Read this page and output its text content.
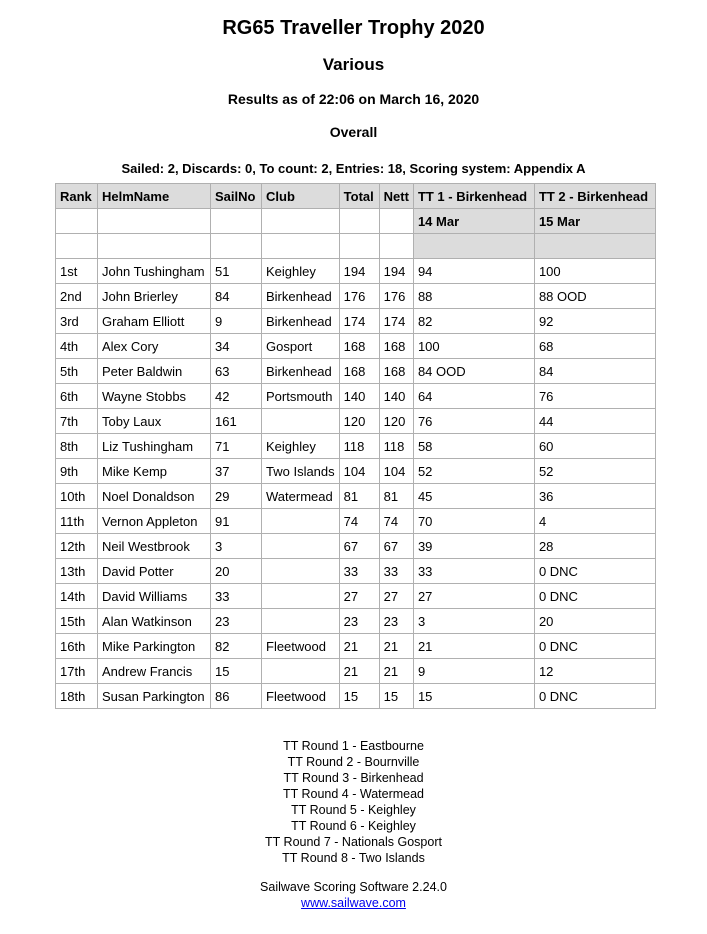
RG65 Traveller Trophy 2020
Various
Results as of 22:06 on March 16, 2020
Overall
Sailed: 2, Discards: 0, To count: 2, Entries: 18, Scoring system: Appendix A
Rank	HelmName	SailNo	Club	Total	Nett	TT 1 - Birkenhead	TT 2 - Birkenhead
						14 Mar	15 Mar

1st	John Tushingham	51	Keighley	194	194	94	100
2nd	John Brierley	84	Birkenhead	176	176	88	88 OOD
3rd	Graham Elliott	9	Birkenhead	174	174	82	92
4th	Alex Cory	34	Gosport	168	168	100	68
5th	Peter Baldwin	63	Birkenhead	168	168	84 OOD	84
6th	Wayne Stobbs	42	Portsmouth	140	140	64	76
7th	Toby Laux	161		120	120	76	44
8th	Liz Tushingham	71	Keighley	118	118	58	60
9th	Mike Kemp	37	Two Islands	104	104	52	52
10th	Noel Donaldson	29	Watermead	81	81	45	36
11th	Vernon Appleton	91		74	74	70	4
12th	Neil Westbrook	3		67	67	39	28
13th	David Potter	20		33	33	33	0 DNC
14th	David Williams	33		27	27	27	0 DNC
15th	Alan Watkinson	23		23	23	3	20
16th	Mike Parkington	82	Fleetwood	21	21	21	0 DNC
17th	Andrew Francis	15		21	21	9	12
18th	Susan Parkington	86	Fleetwood	15	15	15	0 DNC
TT Round 1 - Eastbourne
TT Round 2 - Bournville
TT Round 3 - Birkenhead
TT Round 4 - Watermead
TT Round 5 - Keighley
TT Round 6 - Keighley
TT Round 7 - Nationals Gosport
TT Round 8 - Two Islands
Sailwave Scoring Software 2.24.0
www.sailwave.com
